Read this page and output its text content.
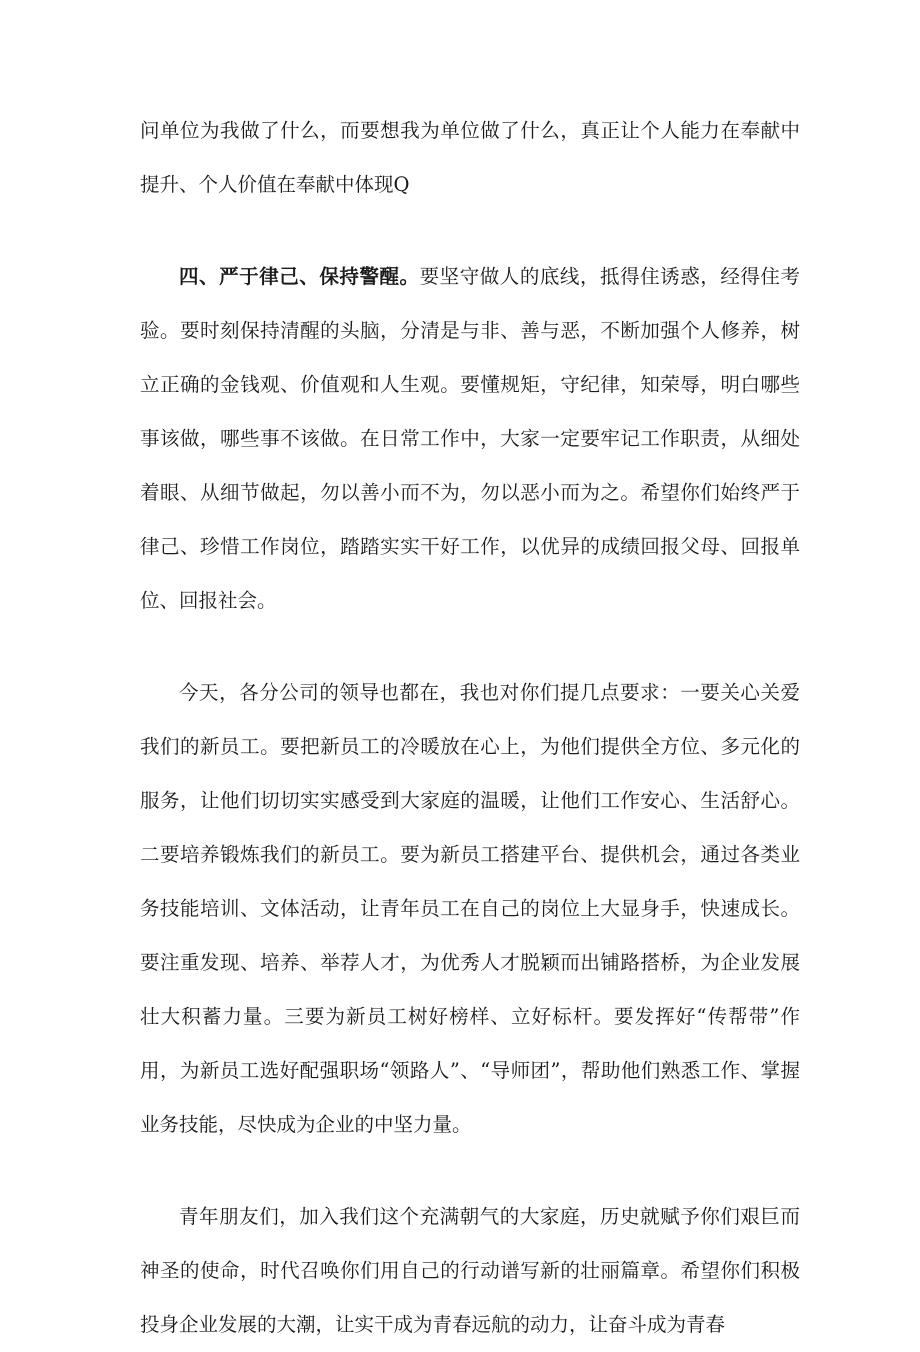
问单位为我做了什么，而要想我为单位做了什么，真正让个人能力在奉献中提升、个人价值在奉献中体现Q

四、严于律己、保持警醒。要坚守做人的底线，抵得住诱惑，经得住考验。要时刻保持清醒的头脑，分清是与非、善与恶，不断加强个人修养，树立正确的金钱观、价值观和人生观。要懂规矩，守纪律，知荣辱，明白哪些事该做，哪些事不该做。在日常工作中，大家一定要牢记工作职责，从细处着眼、从细节做起，勿以善小而不为，勿以恶小而为之。希望你们始终严于律己、珍惜工作岗位，踏踏实实干好工作，以优异的成绩回报父母、回报单位、回报社会。

今天，各分公司的领导也都在，我也对你们提几点要求：一要关心关爱我们的新员工。要把新员工的冷暖放在心上，为他们提供全方位、多元化的服务，让他们切切实实感受到大家庭的温暖，让他们工作安心、生活舒心。二要培养锻炼我们的新员工。要为新员工搭建平台、提供机会，通过各类业务技能培训、文体活动，让青年员工在自己的岗位上大显身手，快速成长。要注重发现、培养、举荐人才，为优秀人才脱颖而出铺路搭桥，为企业发展壮大积蓄力量。三要为新员工树好榜样、立好标杆。要发挥好“传帮带”作用，为新员工选好配强职场“领路人”、“导师团”，帮助他们熟悉工作、掌握业务技能，尽快成为企业的中坚力量。

青年朋友们，加入我们这个充满朝气的大家庭，历史就赋予你们艰巨而神圣的使命，时代召唤你们用自己的行动谱写新的壮丽篇章。希望你们积极投身企业发展的大潮，让实干成为青春远航的动力，让奋斗成为青春
